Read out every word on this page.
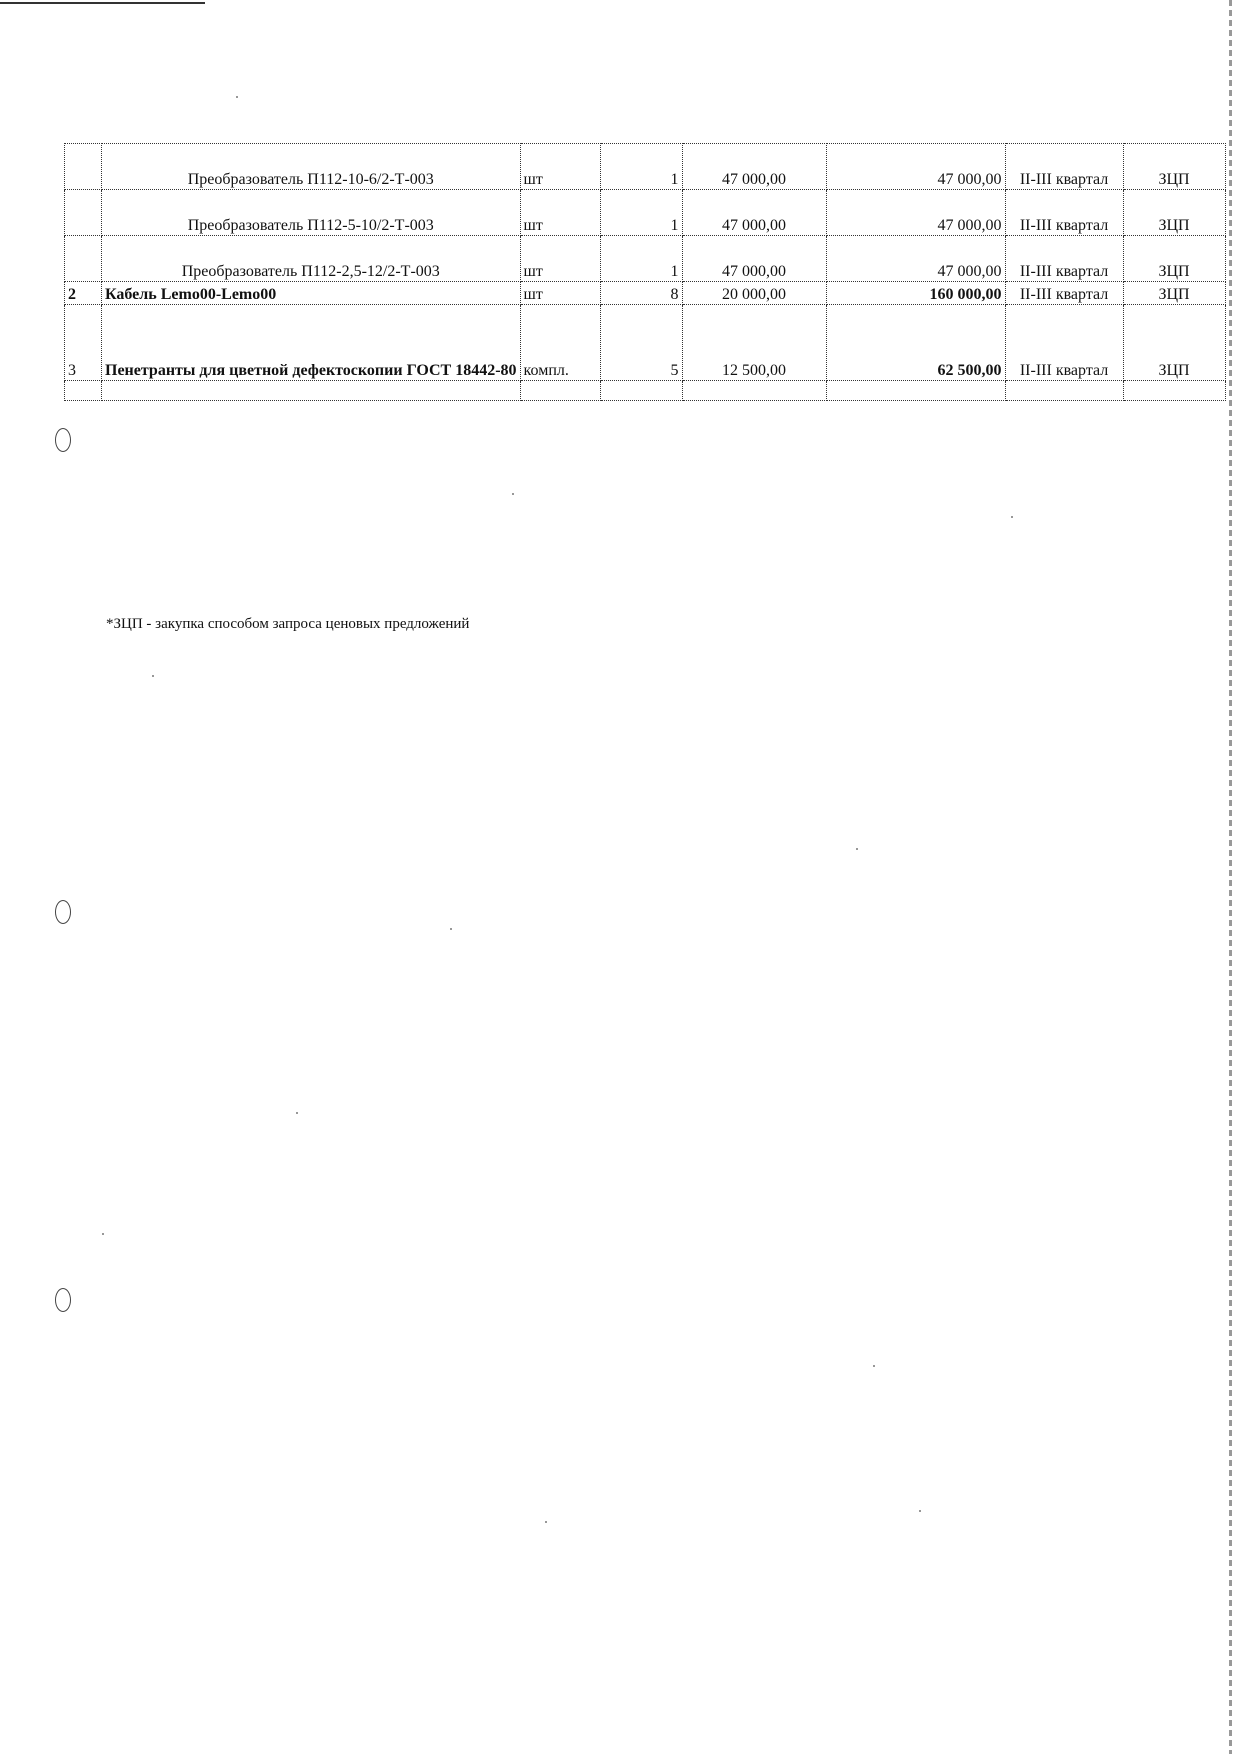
	Преобразователь П112-10-6/2-Т-003	шт	1	47 000,00	47 000,00	II-III квартал	ЗЦП
	Преобразователь П112-5-10/2-Т-003	шт	1	47 000,00	47 000,00	II-III квартал	ЗЦП
	Преобразователь П112-2,5-12/2-Т-003	шт	1	47 000,00	47 000,00	II-III квартал	ЗЦП
2	Кабель Lemo00-Lemo00	шт	8	20 000,00	160 000,00	II-III квартал	ЗЦП
3	Пенетранты для цветной дефектоскопии ГОСТ 18442-80	компл.	5	12 500,00	62 500,00	II-III квартал	ЗЦП

*ЗЦП - закупка способом запроса ценовых предложений
